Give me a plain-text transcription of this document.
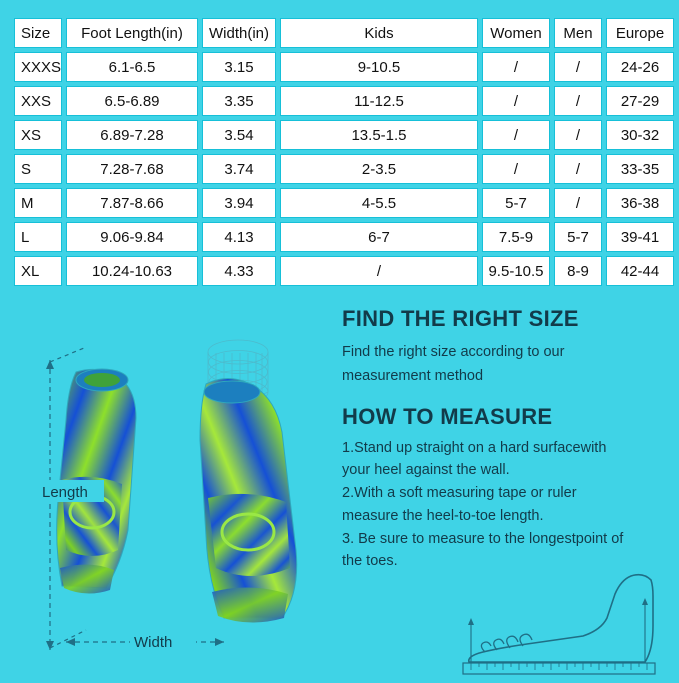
Size	Foot Length(in)	Width(in)	Kids	Women	Men	Europe
XXXS	6.1-6.5	3.15	9-10.5	/	/	24-26
XXS	6.5-6.89	3.35	11-12.5	/	/	27-29
XS	6.89-7.28	3.54	13.5-1.5	/	/	30-32
S	7.28-7.68	3.74	2-3.5	/	/	33-35
M	7.87-8.66	3.94	4-5.5	5-7	/	36-38
L	9.06-9.84	4.13	6-7	7.5-9	5-7	39-41
XL	10.24-10.63	4.33	/	9.5-10.5	8-9	42-44
Length
Width
FIND THE RIGHT SIZE

Find the right size according to our

measurement method

HOW TO MEASURE

1.Stand up straight on a hard surfacewith

your heel against the wall.

2.With a soft measuring tape or ruler

measure the heel-to-toe length.

3. Be sure to measure to the longestpoint of

the toes.
